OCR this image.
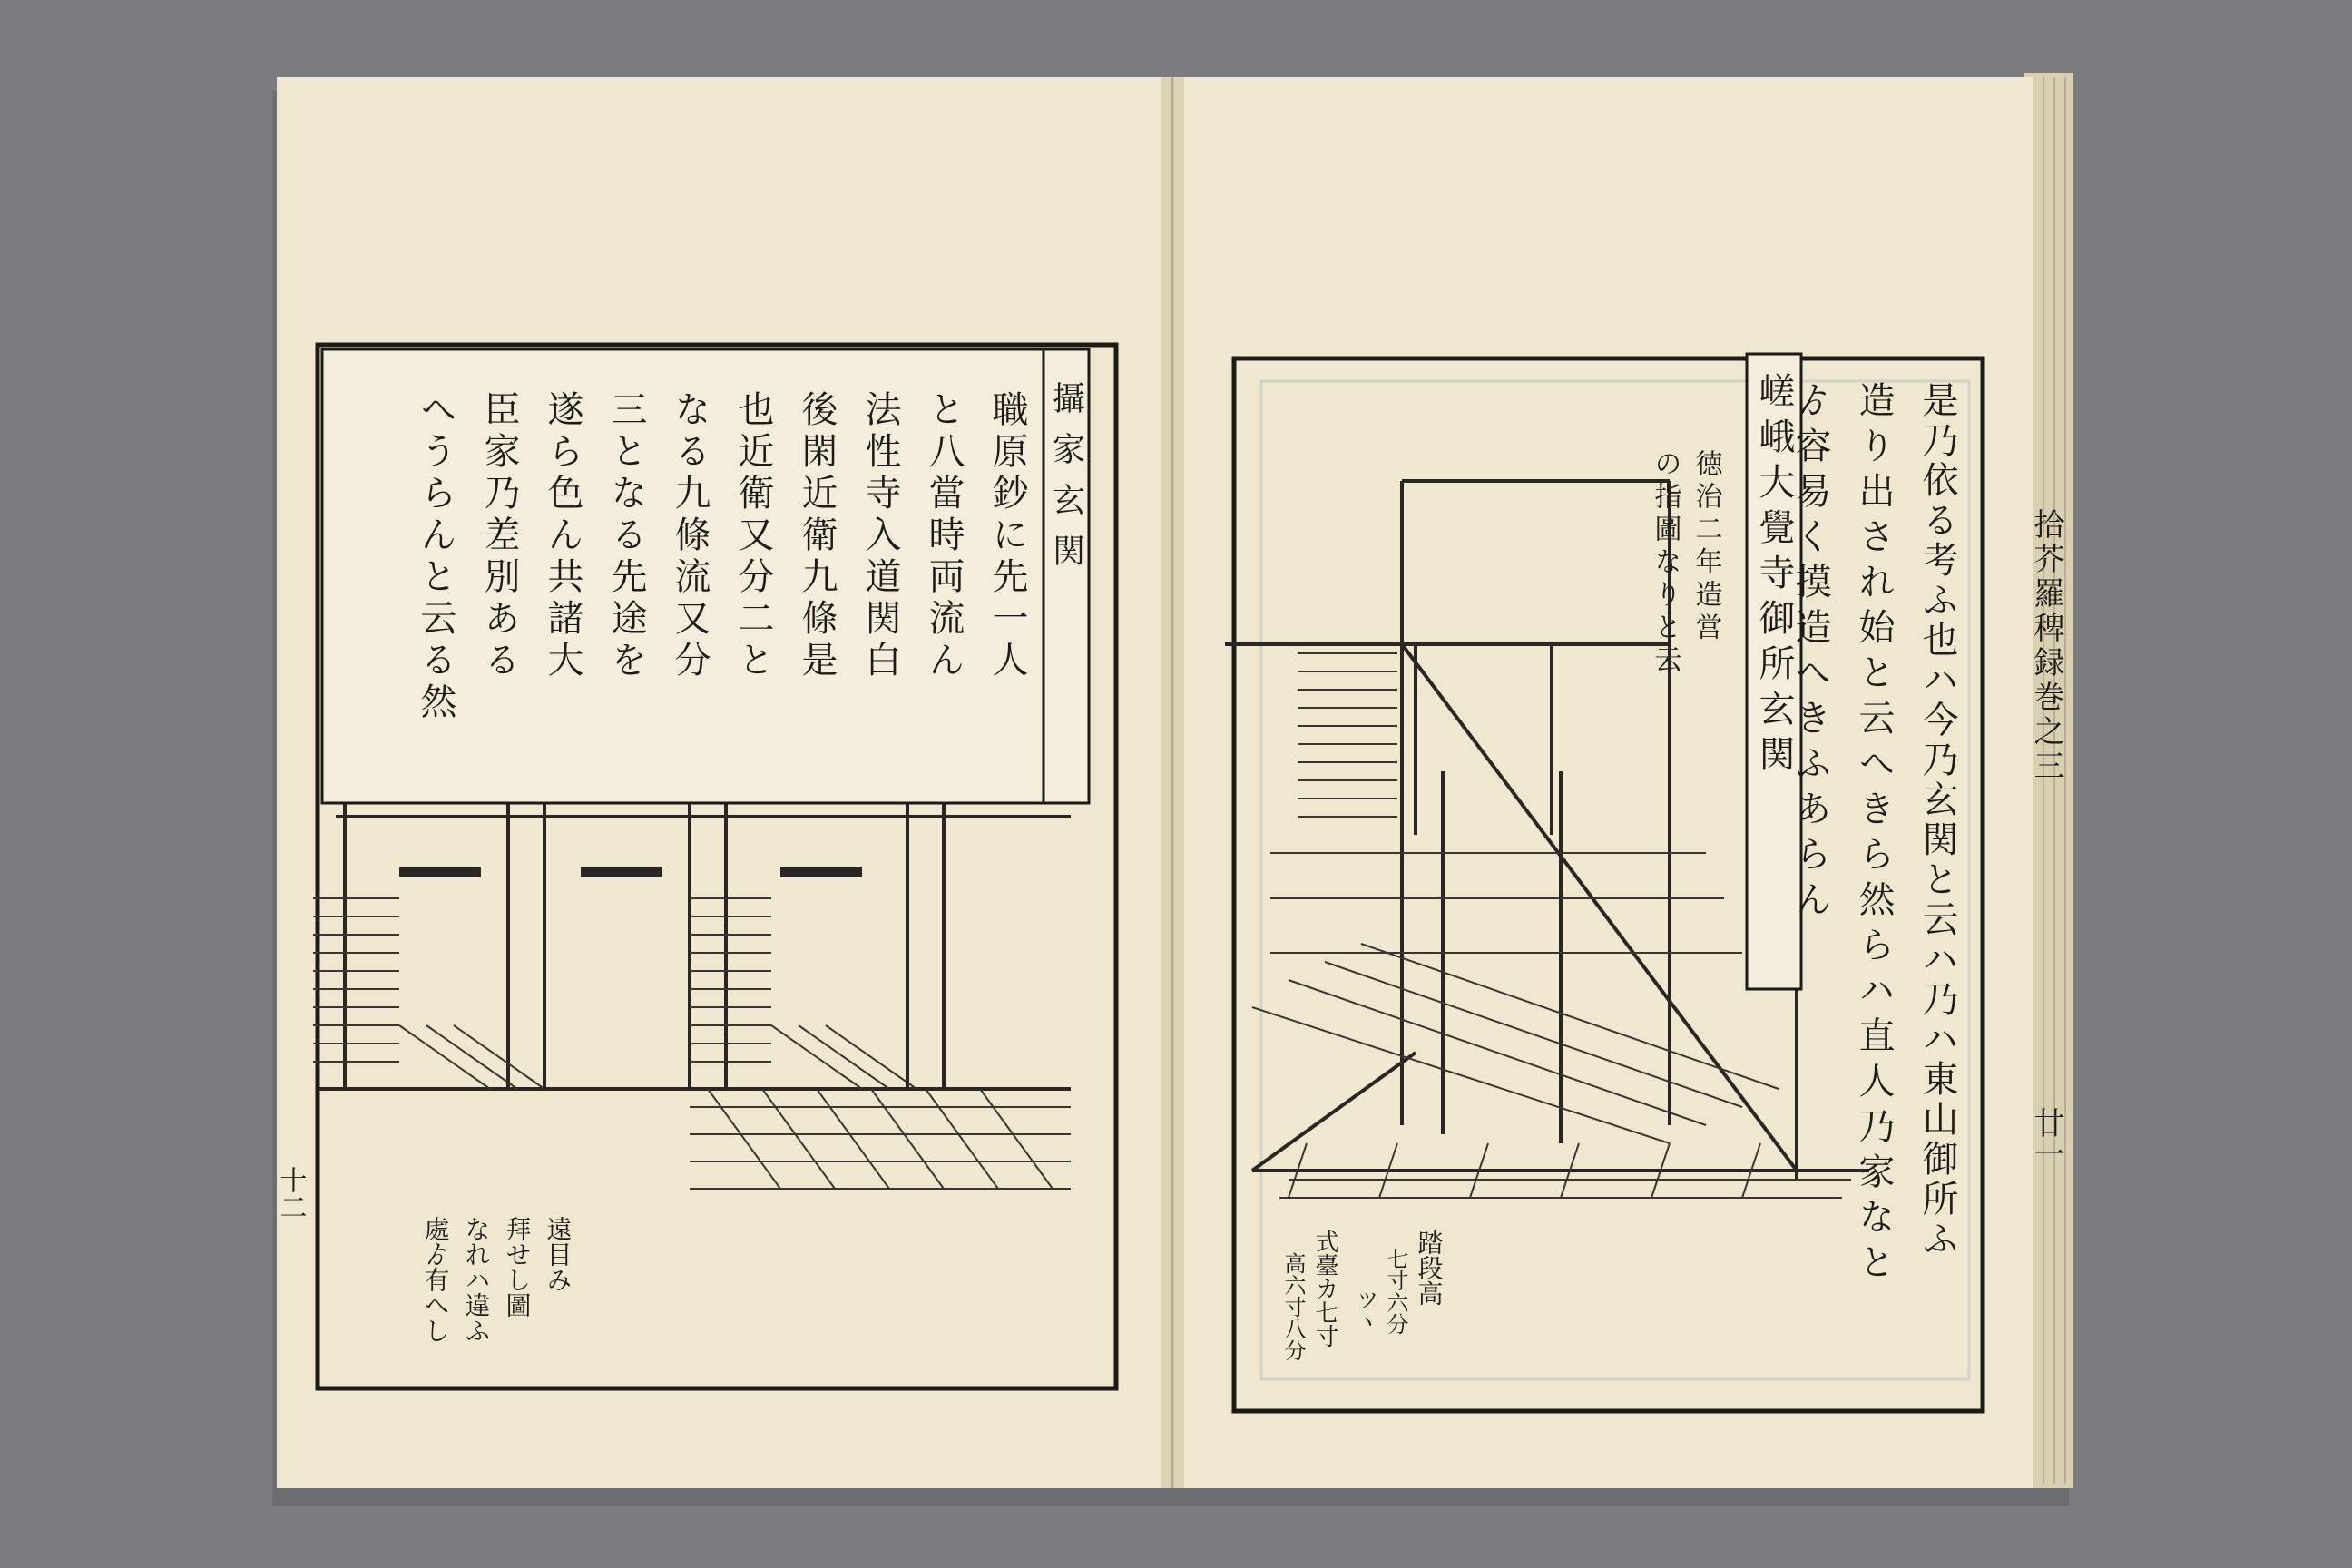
攝家玄関
職原鈔に先一人
と八當時両流ん
法性寺入道関白
後閑近衛九條是
也近衛又分二と
なる九條流又分
三となる先途を
遂ら色ん共諸大
臣家乃差別ある
へうらんと云る然
遠目み
拜せし圖
なれハ違ふ
處ゟ有へし
十二
嵯峨大覺寺御所玄関
徳治二年造営
の指圖なりと云	是乃依る考ふ也ハ今乃玄関と云ハ乃ハ東山御所ふ
造り出され始と云へきら然らハ直人乃家なと
ゟ容易く摸造へきふあらん
踏段高
七寸六分
ツヽ
式臺カ七寸
高六寸八分
拾芥羅稗録巻之三
廿一
